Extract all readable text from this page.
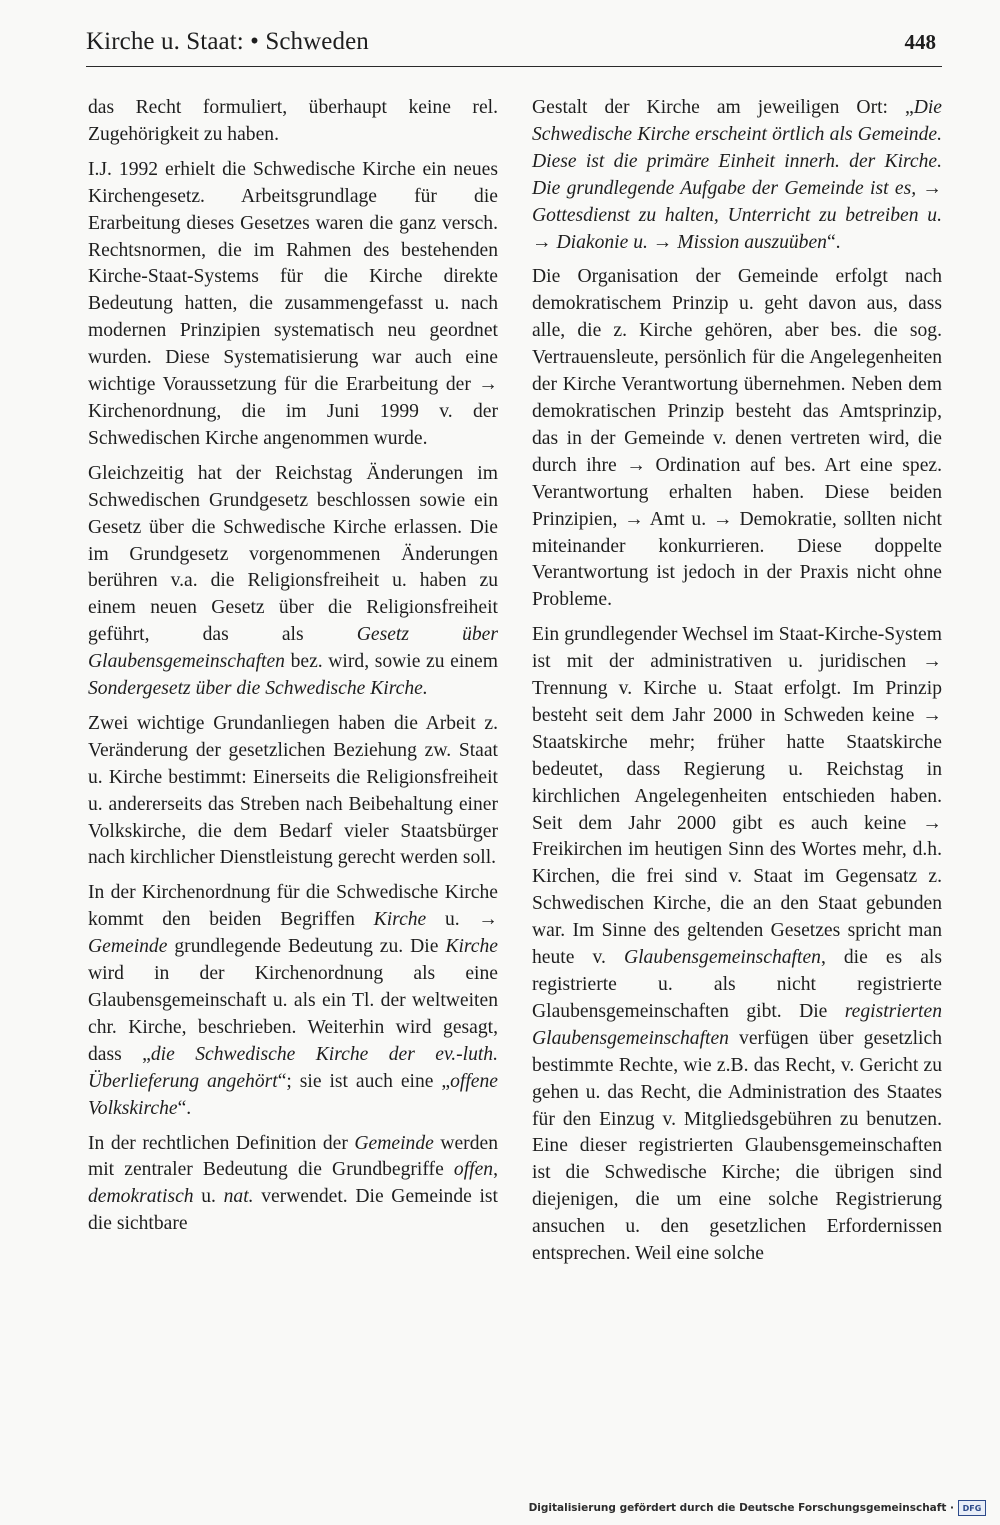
Kirche u. Staat: • Schweden	448

das Recht formuliert, überhaupt keine rel. Zugehörigkeit zu haben.

I.J. 1992 erhielt die Schwedische Kirche ein neues Kirchengesetz. Arbeitsgrundlage für die Erarbeitung dieses Gesetzes waren die ganz versch. Rechtsnormen, die im Rahmen des bestehenden Kirche-Staat-Systems für die Kirche direkte Bedeutung hatten, die zusammengefasst u. nach modernen Prinzipien systematisch neu geordnet wurden. Diese Systematisierung war auch eine wichtige Voraussetzung für die Erarbeitung der → Kirchenordnung, die im Juni 1999 v. der Schwedischen Kirche angenommen wurde.

Gleichzeitig hat der Reichstag Änderungen im Schwedischen Grundgesetz beschlossen sowie ein Gesetz über die Schwedische Kirche erlassen. Die im Grundgesetz vorgenommenen Änderungen berühren v.a. die Religionsfreiheit u. haben zu einem neuen Gesetz über die Religionsfreiheit geführt, das als Gesetz über Glaubensgemeinschaften bez. wird, sowie zu einem Sondergesetz über die Schwedische Kirche.

Zwei wichtige Grundanliegen haben die Arbeit z. Veränderung der gesetzlichen Beziehung zw. Staat u. Kirche bestimmt: Einerseits die Religionsfreiheit u. andererseits das Streben nach Beibehaltung einer Volkskirche, die dem Bedarf vieler Staatsbürger nach kirchlicher Dienstleistung gerecht werden soll.

In der Kirchenordnung für die Schwedische Kirche kommt den beiden Begriffen Kirche u. → Gemeinde grundlegende Bedeutung zu. Die Kirche wird in der Kirchenordnung als eine Glaubensgemeinschaft u. als ein Tl. der weltweiten chr. Kirche, beschrieben. Weiterhin wird gesagt, dass „die Schwedische Kirche der ev.-luth. Überlieferung angehört“; sie ist auch eine „offene Volkskirche“.

In der rechtlichen Definition der Gemeinde werden mit zentraler Bedeutung die Grundbegriffe offen, demokratisch u. nat. verwendet. Die Gemeinde ist die sichtbare

Gestalt der Kirche am jeweiligen Ort: „Die Schwedische Kirche erscheint örtlich als Gemeinde. Diese ist die primäre Einheit innerh. der Kirche. Die grundlegende Aufgabe der Gemeinde ist es, → Gottesdienst zu halten, Unterricht zu betreiben u. → Diakonie u. → Mission auszuüben“.

Die Organisation der Gemeinde erfolgt nach demokratischem Prinzip u. geht davon aus, dass alle, die z. Kirche gehören, aber bes. die sog. Vertrauensleute, persönlich für die Angelegenheiten der Kirche Verantwortung übernehmen. Neben dem demokratischen Prinzip besteht das Amtsprinzip, das in der Gemeinde v. denen vertreten wird, die durch ihre → Ordination auf bes. Art eine spez. Verantwortung erhalten haben. Diese beiden Prinzipien, → Amt u. → Demokratie, sollten nicht miteinander konkurrieren. Diese doppelte Verantwortung ist jedoch in der Praxis nicht ohne Probleme.

Ein grundlegender Wechsel im Staat-Kirche-System ist mit der administrativen u. juridischen → Trennung v. Kirche u. Staat erfolgt. Im Prinzip besteht seit dem Jahr 2000 in Schweden keine → Staatskirche mehr; früher hatte Staatskirche bedeutet, dass Regierung u. Reichstag in kirchlichen Angelegenheiten entschieden haben. Seit dem Jahr 2000 gibt es auch keine → Freikirchen im heutigen Sinn des Wortes mehr, d.h. Kirchen, die frei sind v. Staat im Gegensatz z. Schwedischen Kirche, die an den Staat gebunden war. Im Sinne des geltenden Gesetzes spricht man heute v. Glaubensgemeinschaften, die es als registrierte u. als nicht registrierte Glaubensgemeinschaften gibt. Die registrierten Glaubensgemeinschaften verfügen über gesetzlich bestimmte Rechte, wie z.B. das Recht, v. Gericht zu gehen u. das Recht, die Administration des Staates für den Einzug v. Mitgliedsgebühren zu benutzen. Eine dieser registrierten Glaubensgemeinschaften ist die Schwedische Kirche; die übrigen sind diejenigen, die um eine solche Registrierung ansuchen u. den gesetzlichen Erfordernissen entsprechen. Weil eine solche

Digitalisierung gefördert durch die Deutsche Forschungsgemeinschaft ·	DFG
